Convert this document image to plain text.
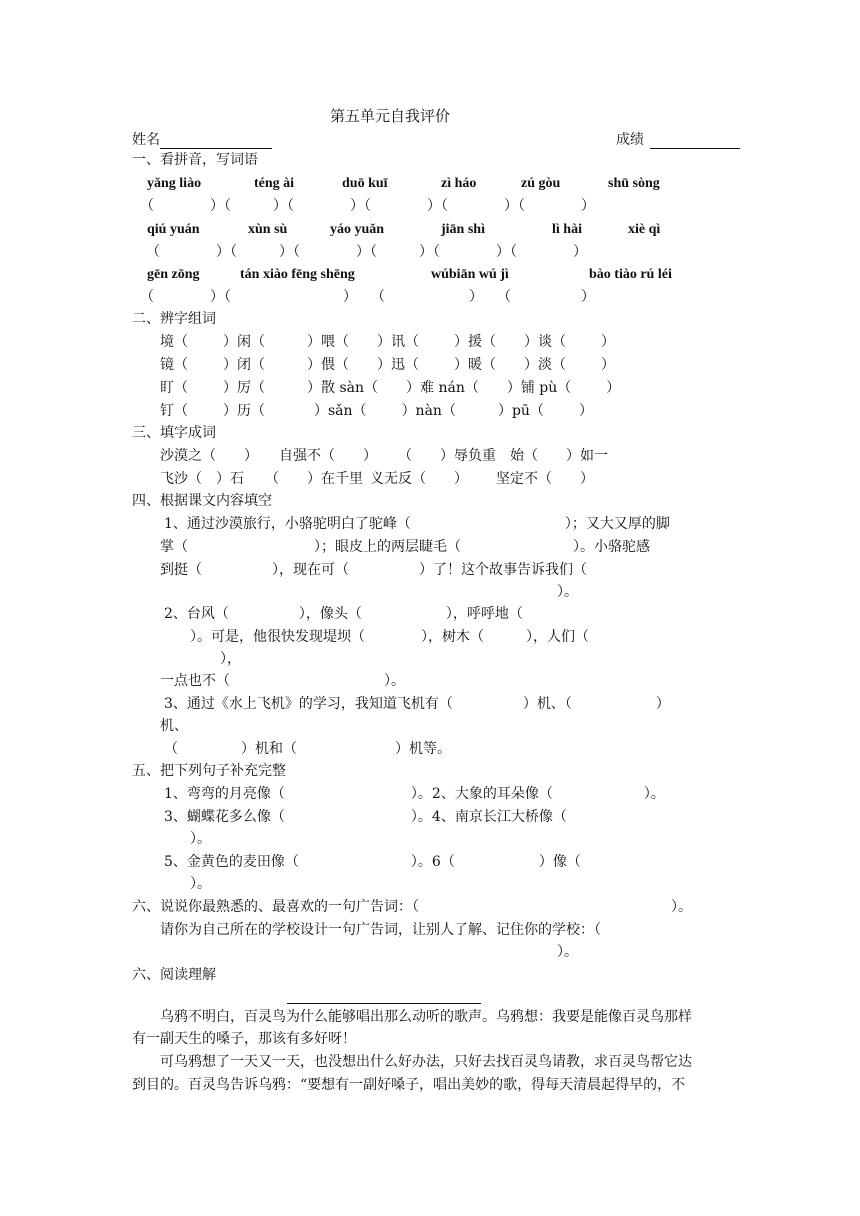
第五单元自我评价
姓名	成绩
一、看拼音，写词语
yǎng liào	téng ài	duō kuī	zì háo	zú gòu	shū sòng
（    ）（   ）（    ）（    ）（    ）（    ）
qiú yuán	xùn sù	yáo yuǎn	jiān shì	lì hài	xiè qì
（    ）（   ）（    ）（   ）（    ）（    ）
gēn zōng	tán xiào fēng shēng	wúbiān wú jì	bào tiào rú léi
（    ）（        ） （      ） （     ）
二、辨字组词
境（   	）闲（   	）喂（   ）讯（   	）援（   ）谈（   	）
镜（   	）闭（   	）偎（   ）迅（   	）暖（   ）淡（   	）
盯（   	）厉（   	）散 sàn（   ）难 nán（   ）铺 pù（   	）
钉（   	）历（    	）sǎn（   	）nàn（   	）pū（   	）
三、填字成词
沙漠之（   ）   自强不（   ）   （   ）辱负重  始（   ）如一
飞沙（  ）石   （   ）在千里  义无反（   ）   坚定不（   ）
四、根据课文内容填空
1、通过沙漠旅行，小骆驼明白了驼峰（           	）；又大又厚的脚
掌（         	）；眼皮上的两层睫毛（        	）。小骆驼感
到挺（     	），现在可（     	）了！这个故事告诉我们（
）。
2、台风（     	），像头（      	），呼呼地（
）。可是，他很快发现堤坝（    	），树木（   	），人们（
），
一点也不（           	）。
3、通过《水上飞机》的学习，我知道飞机有（     	）机、（      	）
机、
（     	）机和（       	）机等。
五、把下列句子补充完整
1、弯弯的月亮像（         	）。2、大象的耳朵像（       	）。
3、蝴蝶花多么像（         	）。4、南京长江大桥像（
）。
5、金黄色的麦田像（        	）。6（      	）像（
）。
六、说说你最熟悉的、最喜欢的一句广告词：（                  	）。
请你为自己所在的学校设计一句广告词，让别人了解、记住你的学校：（
）。
六、阅读理解
乌鸦不明白，百灵鸟为什么能够唱出那么动听的歌声。乌鸦想：我要是能像百灵鸟那样
有一副天生的嗓子，那该有多好呀！
可乌鸦想了一天又一天，也没想出什么好办法，只好去找百灵鸟请教，求百灵鸟帮它达
到目的。百灵鸟告诉乌鸦：“要想有一副好嗓子，唱出美妙的歌，得每天清晨起得早的，不
